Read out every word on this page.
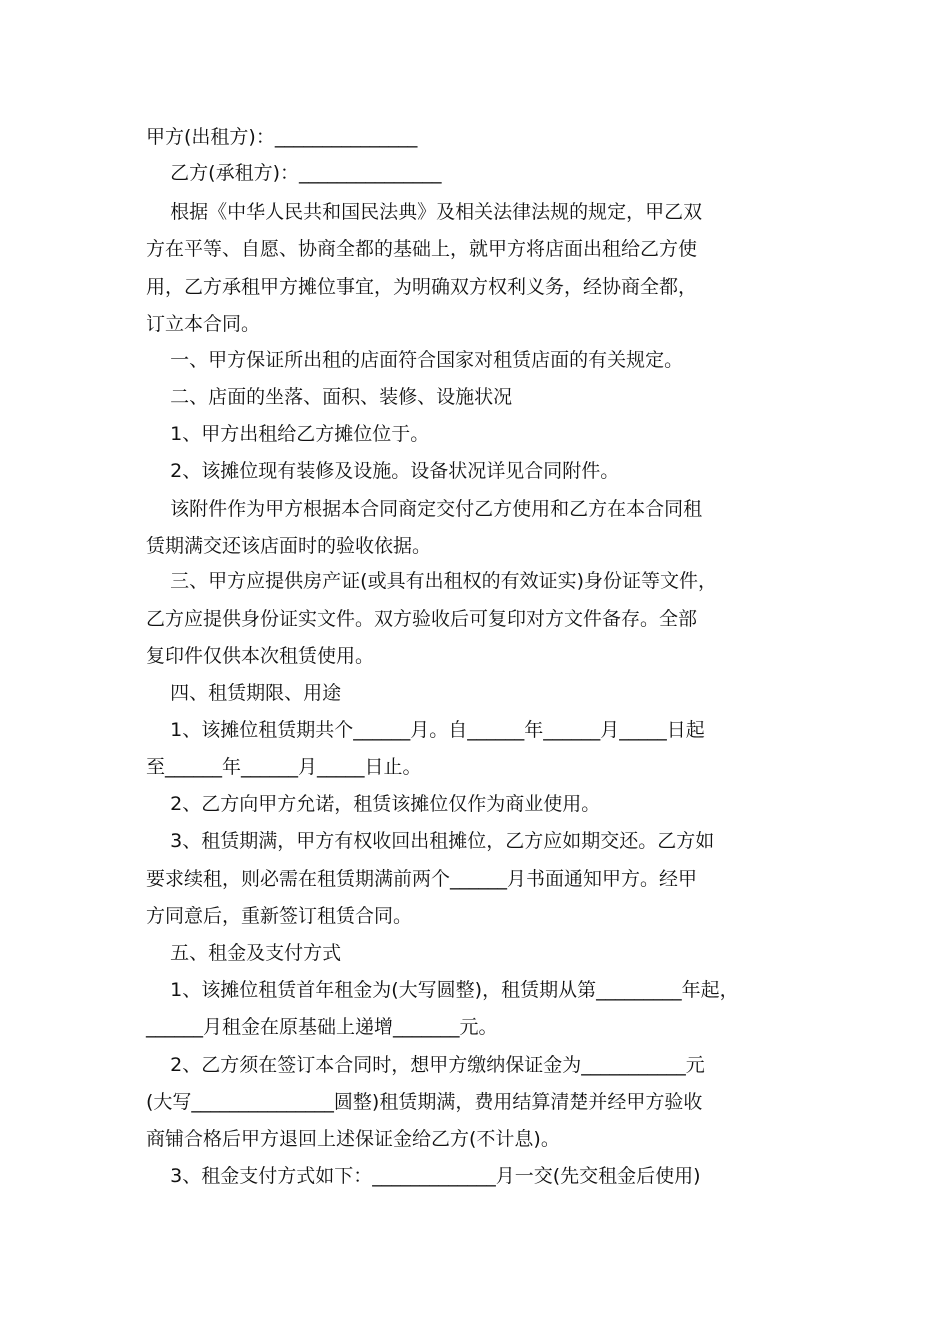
甲方(出租方)：_______________
乙方(承租方)：_______________
根据《中华人民共和国民法典》及相关法律法规的规定，甲乙双
方在平等、自愿、协商全都的基础上，就甲方将店面出租给乙方使
用，乙方承租甲方摊位事宜，为明确双方权利义务，经协商全都，
订立本合同。
一、甲方保证所出租的店面符合国家对租赁店面的有关规定。
二、店面的坐落、面积、装修、设施状况
1、甲方出租给乙方摊位位于。
2、该摊位现有装修及设施。设备状况详见合同附件。
该附件作为甲方根据本合同商定交付乙方使用和乙方在本合同租
赁期满交还该店面时的验收依据。
三、甲方应提供房产证(或具有出租权的有效证实)身份证等文件，
乙方应提供身份证实文件。双方验收后可复印对方文件备存。全部
复印件仅供本次租赁使用。
四、租赁期限、用途
1、该摊位租赁期共个______月。自______年______月_____日起
至______年______月_____日止。
2、乙方向甲方允诺，租赁该摊位仅作为商业使用。
3、租赁期满，甲方有权收回出租摊位，乙方应如期交还。乙方如
要求续租，则必需在租赁期满前两个______月书面通知甲方。经甲
方同意后，重新签订租赁合同。
五、租金及支付方式
1、该摊位租赁首年租金为(大写圆整)，租赁期从第_________年起，
______月租金在原基础上递增_______元。
2、乙方须在签订本合同时，想甲方缴纳保证金为___________元
(大写_______________圆整)租赁期满，费用结算清楚并经甲方验收
商铺合格后甲方退回上述保证金给乙方(不计息)。
3、租金支付方式如下：_____________月一交(先交租金后使用)
